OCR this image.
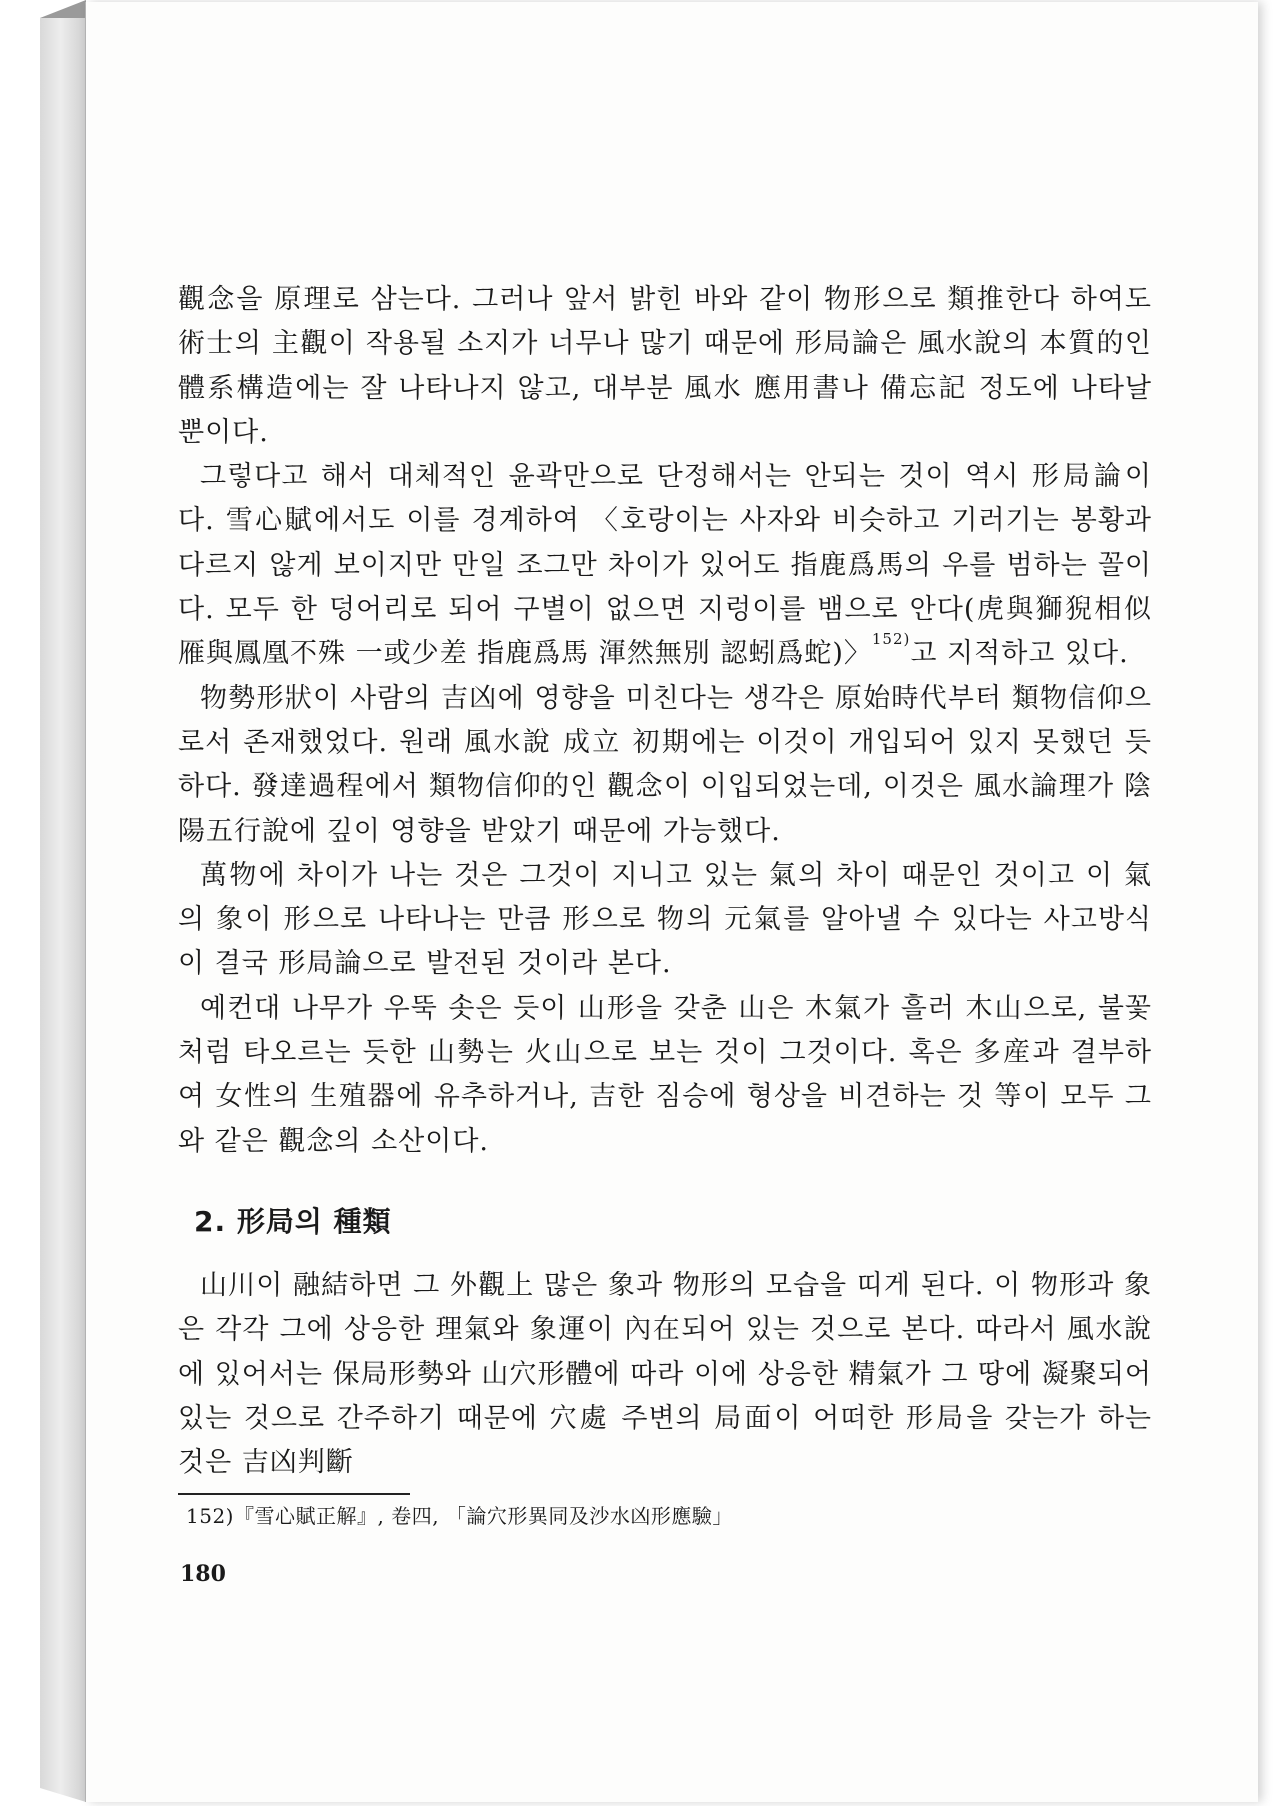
觀念을 原理로 삼는다. 그러나 앞서 밝힌 바와 같이 物形으로 類推한다 하여도 術士의 主觀이 작용될 소지가 너무나 많기 때문에 形局論은 風水說의 本質的인 體系構造에는 잘 나타나지 않고, 대부분 風水 應用書나 備忘記 정도에 나타날 뿐이다.

그렇다고 해서 대체적인 윤곽만으로 단정해서는 안되는 것이 역시 形局論이다. 雪心賦에서도 이를 경계하여 〈호랑이는 사자와 비슷하고 기러기는 봉황과 다르지 않게 보이지만 만일 조그만 차이가 있어도 指鹿爲馬의 우를 범하는 꼴이다. 모두 한 덩어리로 되어 구별이 없으면 지렁이를 뱀으로 안다(虎與獅猊相似 雁與鳳凰不殊 一或少差 指鹿爲馬 渾然無別 認蚓爲蛇)〉$^{152)}$고 지적하고 있다.

物勢形狀이 사람의 吉凶에 영향을 미친다는 생각은 原始時代부터 類物信仰으로서 존재했었다. 원래 風水說 成立 初期에는 이것이 개입되어 있지 못했던 듯하다. 發達過程에서 類物信仰的인 觀念이 이입되었는데, 이것은 風水論理가 陰陽五行說에 깊이 영향을 받았기 때문에 가능했다.

萬物에 차이가 나는 것은 그것이 지니고 있는 氣의 차이 때문인 것이고 이 氣의 象이 形으로 나타나는 만큼 形으로 物의 元氣를 알아낼 수 있다는 사고방식이 결국 形局論으로 발전된 것이라 본다.

예컨대 나무가 우뚝 솟은 듯이 山形을 갖춘 山은 木氣가 흘러 木山으로, 불꽃처럼 타오르는 듯한 山勢는 火山으로 보는 것이 그것이다. 혹은 多産과 결부하여 女性의 生殖器에 유추하거나, 吉한 짐승에 형상을 비견하는 것 等이 모두 그와 같은 觀念의 소산이다.

2. 形局의 種類

山川이 融結하면 그 外觀上 많은 象과 物形의 모습을 띠게 된다. 이 物形과 象은 각각 그에 상응한 理氣와 象運이 內在되어 있는 것으로 본다. 따라서 風水說에 있어서는 保局形勢와 山穴形體에 따라 이에 상응한 精氣가 그 땅에 凝聚되어 있는 것으로 간주하기 때문에 穴處 주변의 局面이 어떠한 形局을 갖는가 하는 것은 吉凶判斷

152)『雪心賦正解』, 卷四, 「論穴形異同及沙水凶形應驗」

180
